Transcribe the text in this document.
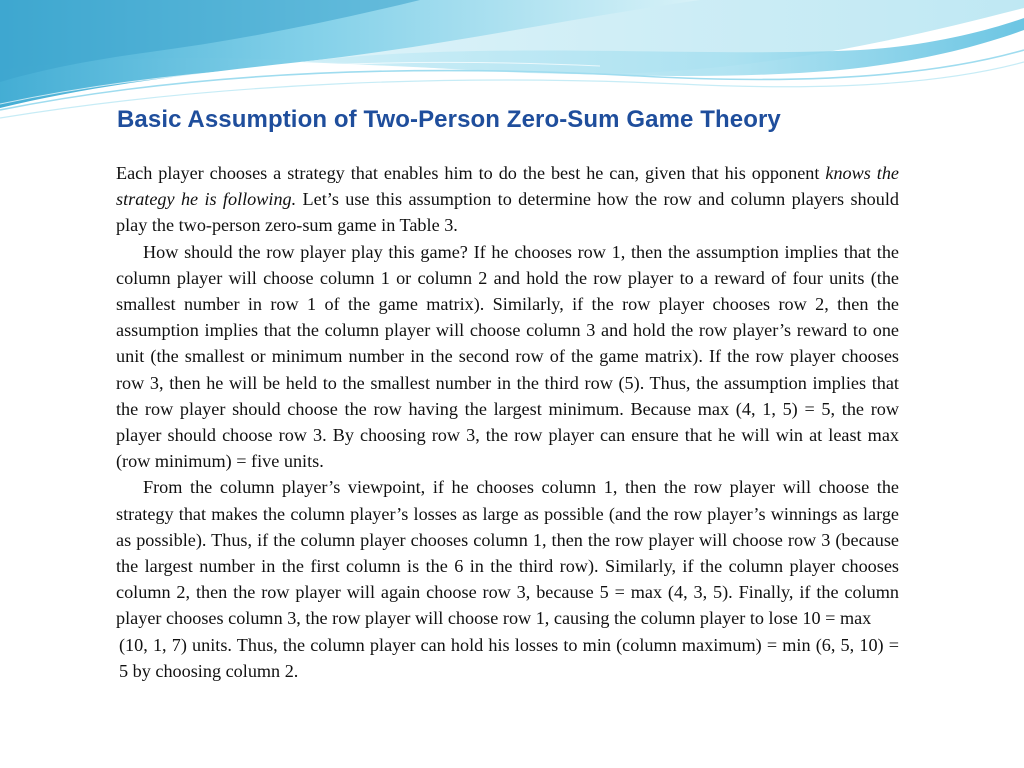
Basic Assumption of Two-Person Zero-Sum Game Theory

Each player chooses a strategy that enables him to do the best he can, given that his opponent knows the strategy he is following. Let’s use this assumption to determine how the row and column players should play the two-person zero-sum game in Table 3.

How should the row player play this game? If he chooses row 1, then the assumption implies that the column player will choose column 1 or column 2 and hold the row player to a reward of four units (the smallest number in row 1 of the game matrix). Similarly, if the row player chooses row 2, then the assumption implies that the column player will choose column 3 and hold the row player’s reward to one unit (the smallest or minimum number in the second row of the game matrix). If the row player chooses row 3, then he will be held to the smallest number in the third row (5). Thus, the assumption implies that the row player should choose the row having the largest minimum. Because max (4, 1, 5) = 5, the row player should choose row 3. By choosing row 3, the row player can ensure that he will win at least max (row minimum) = five units.

From the column player’s viewpoint, if he chooses column 1, then the row player will choose the strategy that makes the column player’s losses as large as possible (and the row player’s winnings as large as possible). Thus, if the column player chooses column 1, then the row player will choose row 3 (because the largest number in the first column is the 6 in the third row). Similarly, if the column player chooses column 2, then the row player will again choose row 3, because 5 = max (4, 3, 5). Finally, if the column player chooses column 3, the row player will choose row 1, causing the column player to lose 10 = max

(10, 1, 7) units. Thus, the column player can hold his losses to min (column maximum) = min (6, 5, 10) = 5 by choosing column 2.
